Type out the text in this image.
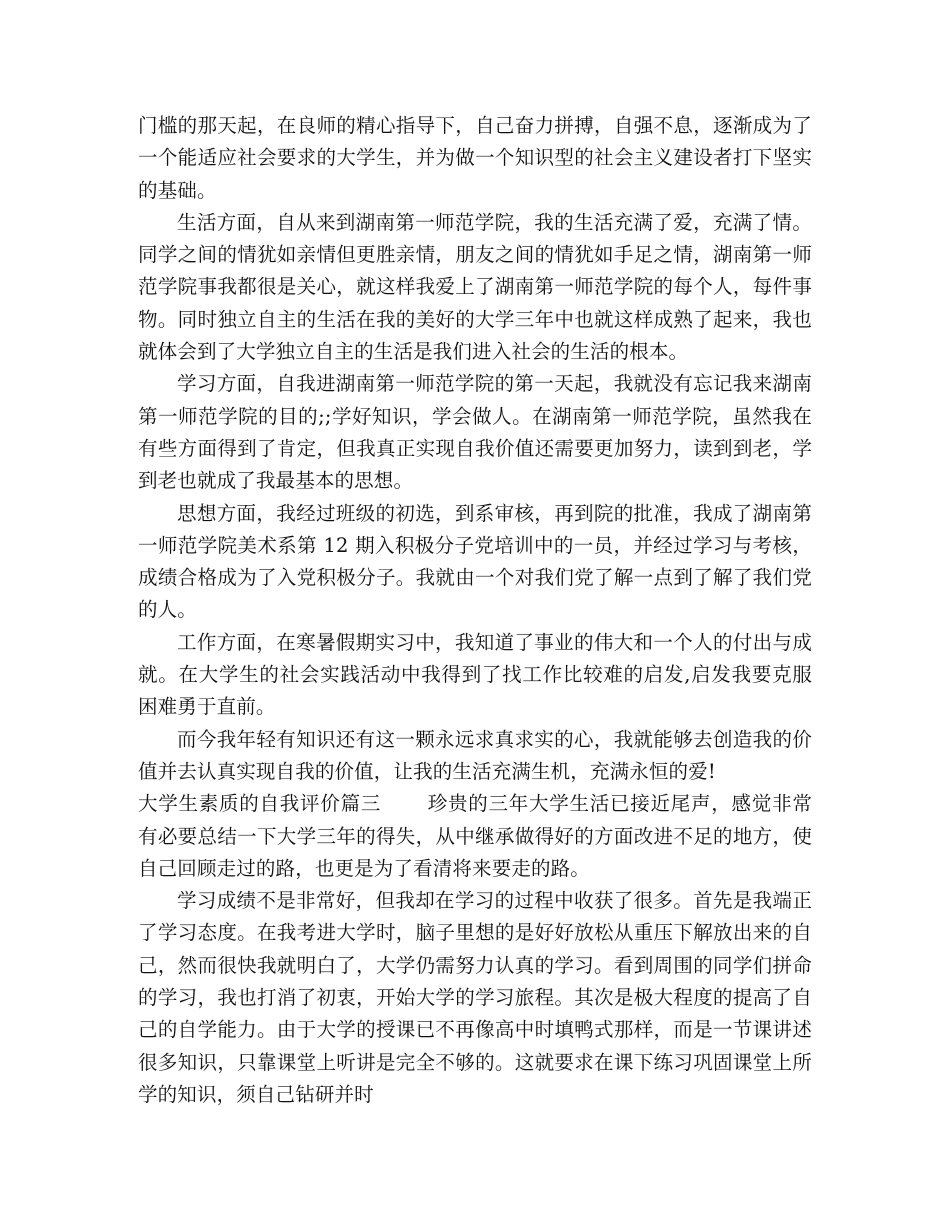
门槛的那天起，在良师的精心指导下，自己奋力拼搏，自强不息，逐渐成为了一个能适应社会要求的大学生，并为做一个知识型的社会主义建设者打下坚实的基础。

生活方面，自从来到湖南第一师范学院，我的生活充满了爱，充满了情。同学之间的情犹如亲情但更胜亲情，朋友之间的情犹如手足之情，湖南第一师范学院事我都很是关心，就这样我爱上了湖南第一师范学院的每个人，每件事物。同时独立自主的生活在我的美好的大学三年中也就这样成熟了起来，我也就体会到了大学独立自主的生活是我们进入社会的生活的根本。

学习方面，自我进湖南第一师范学院的第一天起，我就没有忘记我来湖南第一师范学院的目的;;学好知识，学会做人。在湖南第一师范学院，虽然我在有些方面得到了肯定，但我真正实现自我价值还需要更加努力，读到到老，学到老也就成了我最基本的思想。

思想方面，我经过班级的初选，到系审核，再到院的批准，我成了湖南第一师范学院美术系第 12 期入积极分子党培训中的一员，并经过学习与考核，成绩合格成为了入党积极分子。我就由一个对我们党了解一点到了解了我们党的人。

工作方面，在寒暑假期实习中，我知道了事业的伟大和一个人的付出与成就。在大学生的社会实践活动中我得到了找工作比较难的启发,启发我要克服困难勇于直前。

而今我年轻有知识还有这一颗永远求真求实的心，我就能够去创造我的价值并去认真实现自我的价值，让我的生活充满生机，充满永恒的爱!

大学生素质的自我评价篇三 珍贵的三年大学生活已接近尾声，感觉非常有必要总结一下大学三年的得失，从中继承做得好的方面改进不足的地方，使自己回顾走过的路，也更是为了看清将来要走的路。

学习成绩不是非常好，但我却在学习的过程中收获了很多。首先是我端正了学习态度。在我考进大学时，脑子里想的是好好放松从重压下解放出来的自己，然而很快我就明白了，大学仍需努力认真的学习。看到周围的同学们拼命的学习，我也打消了初衷，开始大学的学习旅程。其次是极大程度的提高了自己的自学能力。由于大学的授课已不再像高中时填鸭式那样，而是一节课讲述很多知识，只靠课堂上听讲是完全不够的。这就要求在课下练习巩固课堂上所学的知识，须自己钻研并时
